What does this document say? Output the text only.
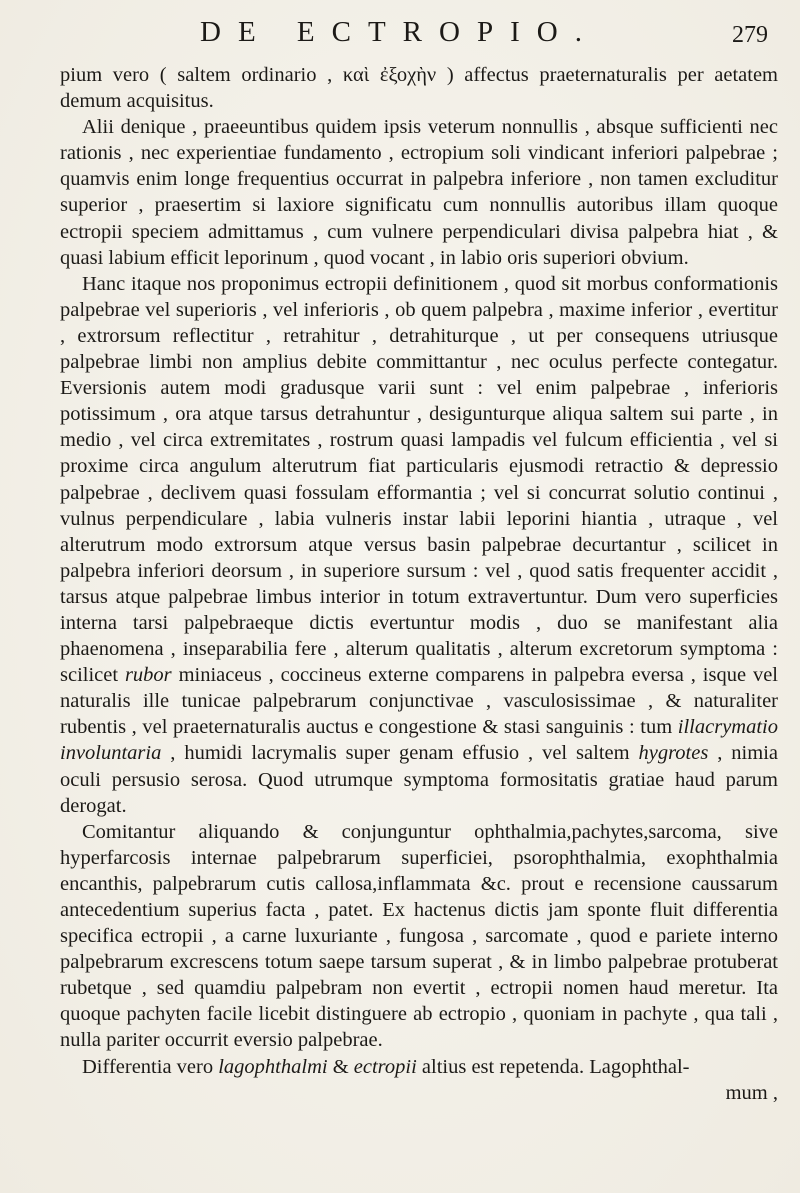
DE ECTROPIO.	279

pium vero ( saltem ordinario , καὶ ἐξοχὴν ) affectus praeternaturalis per aetatem demum acquisitus.

Alii denique , praeeuntibus quidem ipsis veterum nonnullis , absque sufficienti nec rationis , nec experientiae fundamento , ectropium soli vindicant inferiori palpebrae ; quamvis enim longe frequentius occurrat in palpebra inferiore , non tamen excluditur superior , praesertim si laxiore significatu cum nonnullis autoribus illam quoque ectropii speciem admittamus , cum vulnere perpendiculari divisa palpebra hiat , & quasi labium efficit leporinum , quod vocant , in labio oris superiori obvium.

Hanc itaque nos proponimus ectropii definitionem , quod sit morbus conformationis palpebrae vel superioris , vel inferioris , ob quem palpebra , maxime inferior , evertitur , extrorsum reflectitur , retrahitur , detrahiturque , ut per consequens utriusque palpebrae limbi non amplius debite committantur , nec oculus perfecte contegatur. Eversionis autem modi gradusque varii sunt : vel enim palpebrae , inferioris potissimum , ora atque tarsus detrahuntur , desigunturque aliqua saltem sui parte , in medio , vel circa extremitates , rostrum quasi lampadis vel fulcum efficientia , vel si proxime circa angulum alterutrum fiat particularis ejusmodi retractio & depressio palpebrae , declivem quasi fossulam efformantia ; vel si concurrat solutio continui , vulnus perpendiculare , labia vulneris instar labii leporini hiantia , utraque , vel alterutrum modo extrorsum atque versus basin palpebrae decurtantur , scilicet in palpebra inferiori deorsum , in superiore sursum : vel , quod satis frequenter accidit , tarsus atque palpebrae limbus interior in totum extravertuntur. Dum vero superficies interna tarsi palpebraeque dictis evertuntur modis , duo se manifestant alia phaenomena , inseparabilia fere , alterum qualitatis , alterum excretorum symptoma : scilicet rubor miniaceus , coccineus externe comparens in palpebra eversa , isque vel naturalis ille tunicae palpebrarum conjunctivae , vasculosissimae , & naturaliter rubentis , vel praeternaturalis auctus e congestione & stasi sanguinis : tum illacrymatio involuntaria , humidi lacrymalis super genam effusio , vel saltem hygrotes , nimia oculi persusio serosa. Quod utrumque symptoma formositatis gratiae haud parum derogat.

Comitantur aliquando & conjunguntur ophthalmia,pachytes,sarcoma, sive hyperfarcosis internae palpebrarum superficiei, psorophthalmia, exophthalmia encanthis, palpebrarum cutis callosa,inflammata &c. prout e recensione caussarum antecedentium superius facta , patet. Ex hactenus dictis jam sponte fluit differentia specifica ectropii , a carne luxuriante , fungosa , sarcomate , quod e pariete interno palpebrarum excrescens totum saepe tarsum superat , & in limbo palpebrae protuberat rubetque , sed quamdiu palpebram non evertit , ectropii nomen haud meretur. Ita quoque pachyten facile licebit distinguere ab ectropio , quoniam in pachyte , qua tali , nulla pariter occurrit eversio palpebrae.

Differentia vero lagophthalmi & ectropii altius est repetenda. Lagophthal-

mum ,
